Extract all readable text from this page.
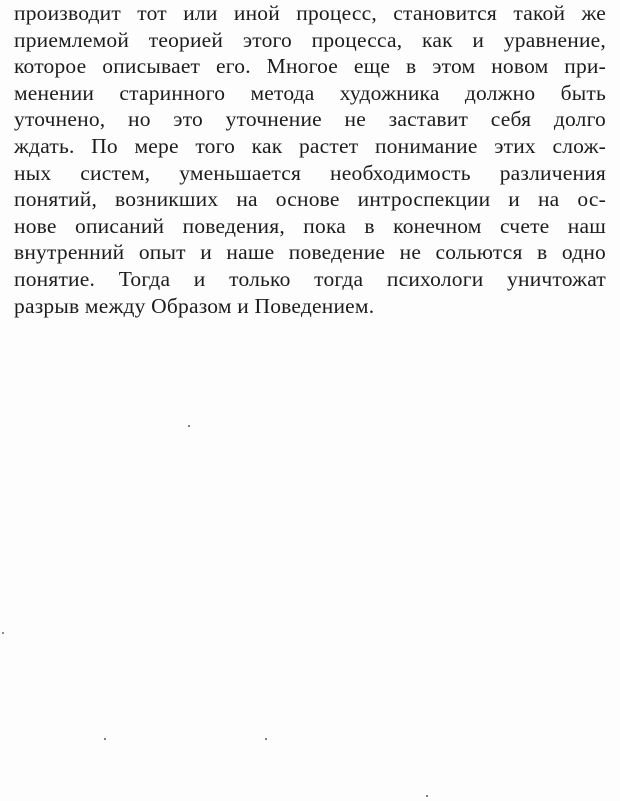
производит тот или иной процесс, становится такой же
приемлемой теорией этого процесса, как и уравнение,
которое описывает его. Многое еще в этом новом при-
менении старинного метода художника должно быть
уточнено, но это уточнение не заставит себя долго
ждать. По мере того как растет понимание этих слож-
ных систем, уменьшается необходимость различения
понятий, возникших на основе интроспекции и на ос-
нове описаний поведения, пока в конечном счете наш
внутренний опыт и наше поведение не сольются в одно
понятие. Тогда и только тогда психологи уничтожат
разрыв между Образом и Поведением.
